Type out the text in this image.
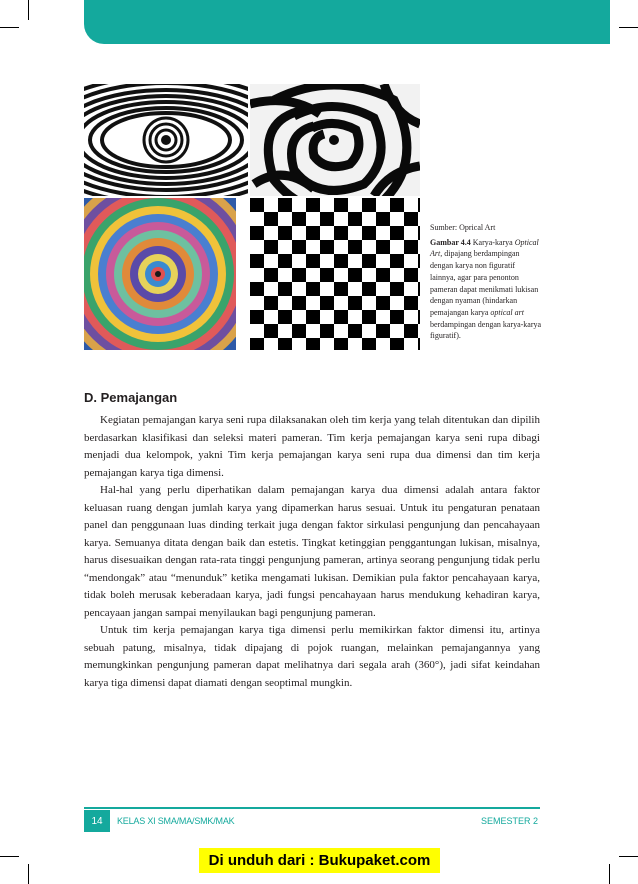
Sumber: Oprical Art
Gambar 4.4 Karya-karya Optical Art, dipajang berdampingan dengan karya non figuratif lainnya, agar para penonton pameran dapat menikmati lukisan dengan nyaman (hindarkan pemajangan karya optical art berdampingan dengan karya-karya figuratif).
D. Pemajangan

Kegiatan pemajangan karya seni rupa dilaksanakan oleh tim kerja yang telah ditentukan dan dipilih berdasarkan klasifikasi dan seleksi materi pameran. Tim kerja pemajangan karya seni rupa dibagi menjadi dua kelompok, yakni Tim kerja pemajangan karya seni rupa dua dimensi dan tim kerja pemajangan karya tiga dimensi.

Hal-hal yang perlu diperhatikan dalam pemajangan karya dua dimensi adalah antara faktor keluasan ruang dengan jumlah karya yang dipamerkan harus sesuai. Untuk itu pengaturan penataan panel dan penggunaan luas dinding terkait juga dengan faktor sirkulasi pengunjung dan pencahayaan karya. Semuanya ditata dengan baik dan estetis. Tingkat ketinggian penggantungan lukisan, misalnya, harus disesuaikan dengan rata-rata tinggi pengunjung pameran, artinya seorang pengunjung tidak perlu “mendongak” atau “menunduk” ketika mengamati lukisan. Demikian pula faktor pencahayaan karya, tidak boleh merusak keberadaan karya, jadi fungsi pencahayaan harus mendukung kehadiran karya, pencayaan jangan sampai menyilaukan bagi pengunjung pameran.

Untuk tim kerja pemajangan karya tiga dimensi perlu memikirkan faktor dimensi itu, artinya sebuah patung, misalnya, tidak dipajang di pojok ruangan, melainkan pemajangannya yang memungkinkan pengunjung pameran dapat melihatnya dari segala arah (360°), jadi sifat keindahan karya tiga dimensi dapat diamati dengan seoptimal mungkin.

14	KELAS XI SMA/MA/SMK/MAK	SEMESTER 2
Di unduh dari : Bukupaket.com
